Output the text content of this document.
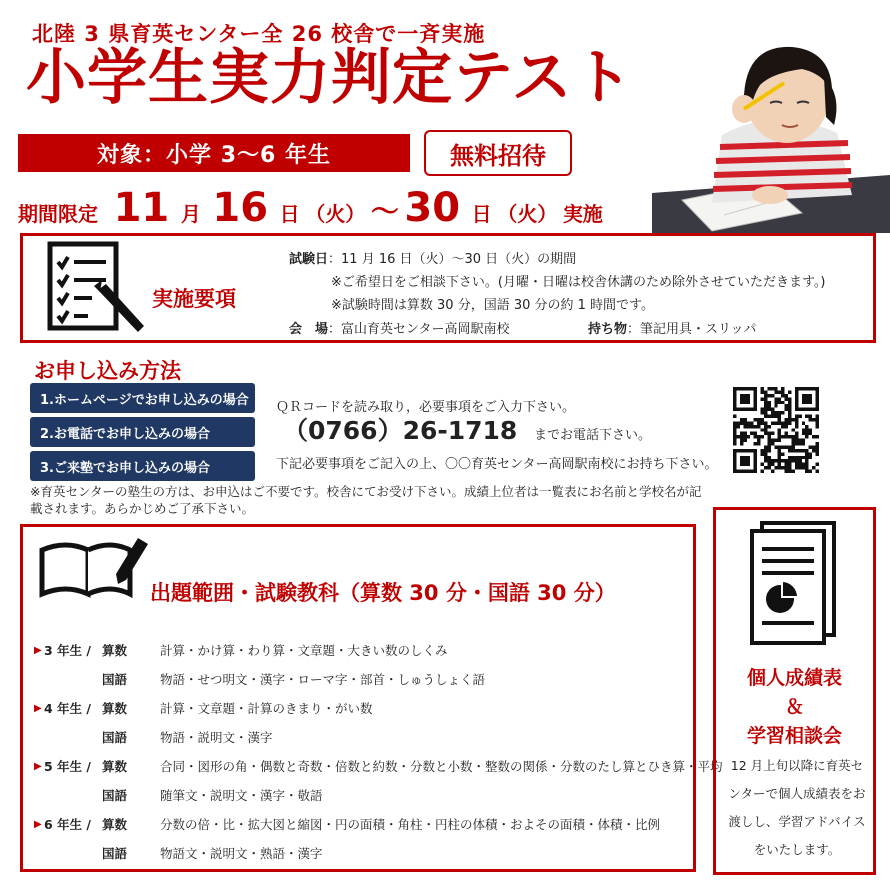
北陸 3 県育英センター全 26 校舎で一斉実施
小学生実力判定テスト
対象：小学 3〜6 年生	無料招待
期間限定 11 月 16 日 （火） 〜 30 日 （火） 実施
実施要項
試験日：11 月 16 日（火）〜30 日（火）の期間
※ご希望日をご相談下さい。(月曜・日曜は校舎休講のため除外させていただきます。)
※試験時間は算数 30 分，国語 30 分の約 1 時間です。
会　場：富山育英センター高岡駅南校	持ち物：筆記用具・スリッパ
お申し込み方法
1.ホームページでお申し込みの場合
2.お電話でお申し込みの場合
3.ご来塾でお申し込みの場合
ＱＲコードを読み取り，必要事項をご入力下さい。
（0766）26-1718 までお電話下さい。
下記必要事項をご記入の上、〇〇育英センター高岡駅南校にお持ち下さい。
※育英センターの塾生の方は、お申込はご不要です。校舎にてお受け下さい。成績上位者は一覧表にお名前と学校名が記載されます。あらかじめご了承下さい。
出題範囲・試験教科（算数 30 分・国語 30 分）
▶ 3 年生 / 算数	計算・かけ算・わり算・文章題・大きい数のしくみ
国語	物語・せつ明文・漢字・ローマ字・部首・しゅうしょく語
▶ 4 年生 / 算数	計算・文章題・計算のきまり・がい数
国語	物語・説明文・漢字
▶ 5 年生 / 算数	合同・図形の角・偶数と奇数・倍数と約数・分数と小数・整数の関係・分数のたし算とひき算・平均
国語	随筆文・説明文・漢字・敬語
▶ 6 年生 / 算数	分数の倍・比・拡大図と縮図・円の面積・角柱・円柱の体積・およその面積・体積・比例
国語	物語文・説明文・熟語・漢字
個人成績表
＆
学習相談会
12 月上旬以降に育英センターで個人成績表をお渡しし、学習アドバイスをいたします。
